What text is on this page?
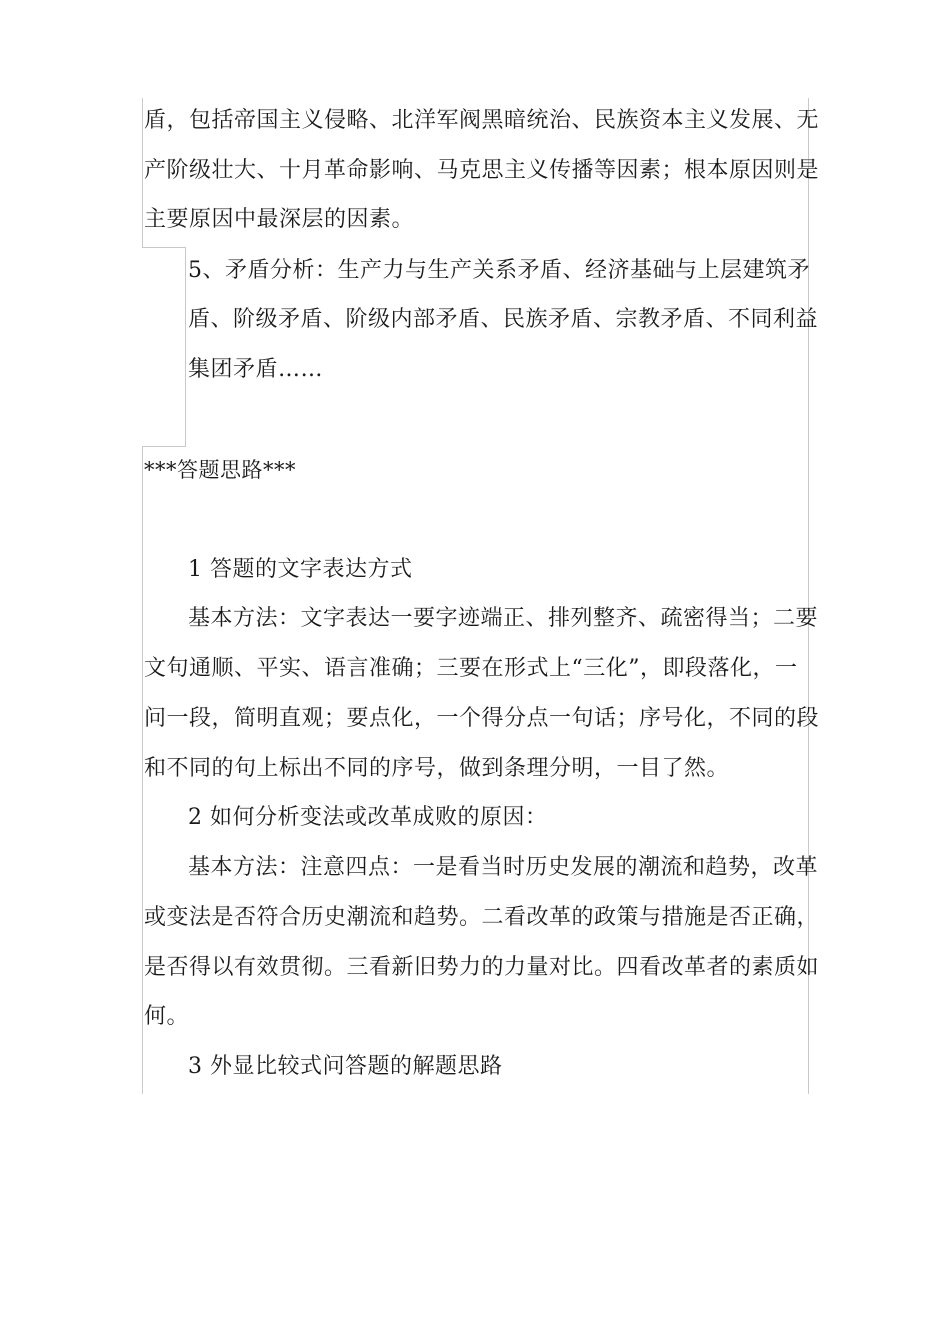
盾，包括帝国主义侵略、北洋军阀黑暗统治、民族资本主义发展、无

产阶级壮大、十月革命影响、马克思主义传播等因素；根本原因则是

主要原因中最深层的因素。

5、矛盾分析：生产力与生产关系矛盾、经济基础与上层建筑矛

盾、阶级矛盾、阶级内部矛盾、民族矛盾、宗教矛盾、不同利益

集团矛盾……

***答题思路***

1 答题的文字表达方式

基本方法：文字表达一要字迹端正、排列整齐、疏密得当；二要

文句通顺、平实、语言准确；三要在形式上“三化”，即段落化，一

问一段，简明直观；要点化，一个得分点一句话；序号化，不同的段

和不同的句上标出不同的序号，做到条理分明，一目了然。

2 如何分析变法或改革成败的原因：

基本方法：注意四点：一是看当时历史发展的潮流和趋势，改革

或变法是否符合历史潮流和趋势。二看改革的政策与措施是否正确，

是否得以有效贯彻。三看新旧势力的力量对比。四看改革者的素质如

何。

3 外显比较式问答题的解题思路
